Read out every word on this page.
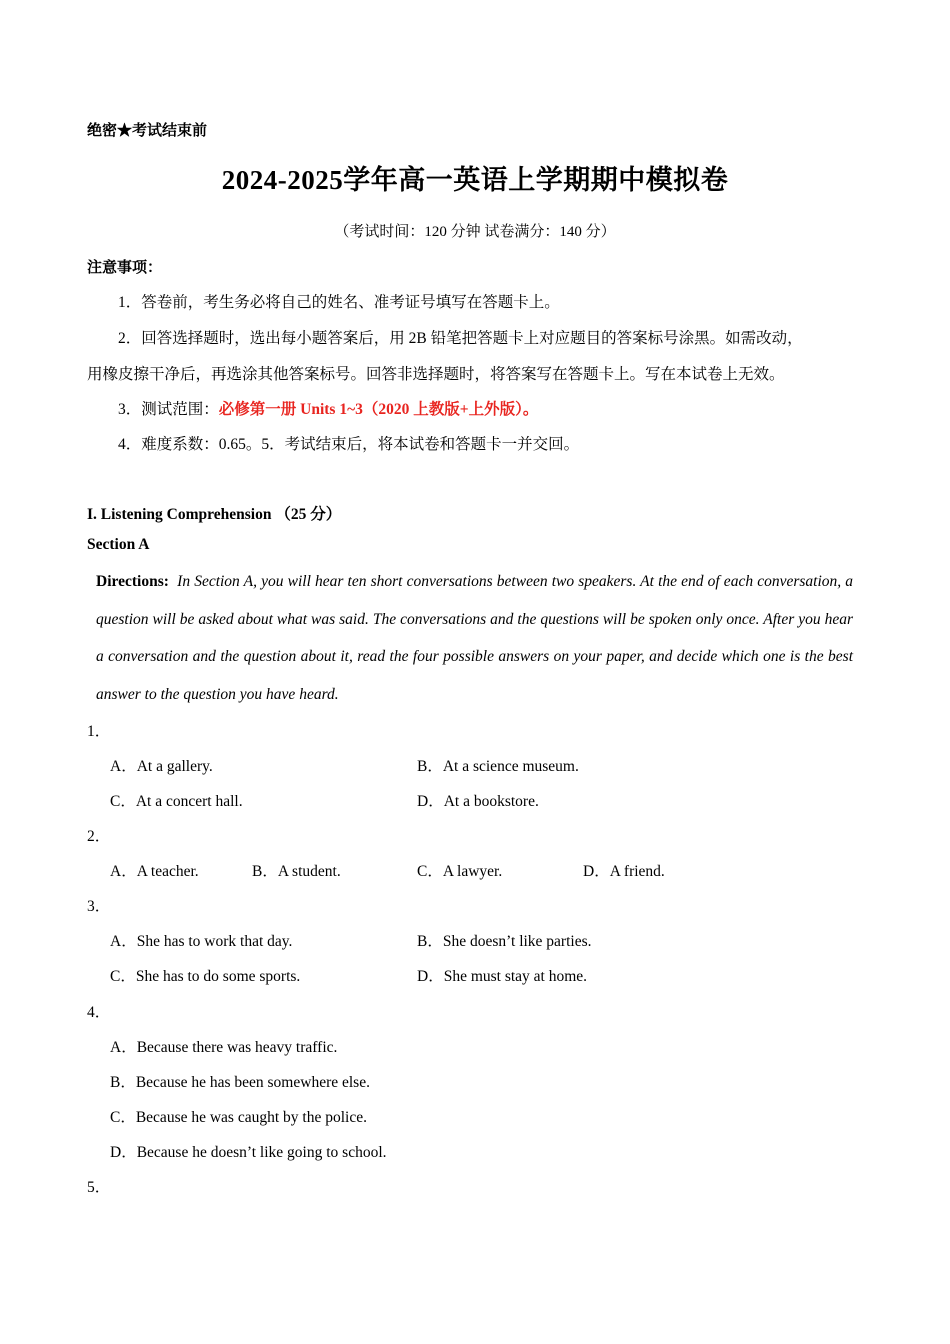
绝密★考试结束前
2024-2025学年高一英语上学期期中模拟卷
（考试时间：120 分钟 试卷满分：140 分）
注意事项：
1．答卷前，考生务必将自己的姓名、准考证号填写在答题卡上。
2．回答选择题时，选出每小题答案后，用 2B 铅笔把答题卡上对应题目的答案标号涂黑。如需改动，
用橡皮擦干净后，再选涂其他答案标号。回答非选择题时，将答案写在答题卡上。写在本试卷上无效。
3．测试范围：必修第一册 Units 1~3（2020 上教版+上外版）。
4．难度系数：0.65。5．考试结束后，将本试卷和答题卡一并交回。
I. Listening Comprehension （25 分）
Section A
Directions: In Section A, you will hear ten short conversations between two speakers. At the end of each conversation, a question will be asked about what was said. The conversations and the questions will be spoken only once. After you hear a conversation and the question about it, read the four possible answers on your paper, and decide which one is the best answer to the question you have heard.
1．
A．At a gallery.	B．At a science museum.
C．At a concert hall.	D．At a bookstore.
2．
A．A teacher.	B．A student.	C．A lawyer.	D．A friend.
3．
A．She has to work that day.	B．She doesn’t like parties.
C．She has to do some sports.	D．She must stay at home.
4．
A．Because there was heavy traffic.
B．Because he has been somewhere else.
C．Because he was caught by the police.
D．Because he doesn’t like going to school.
5．
